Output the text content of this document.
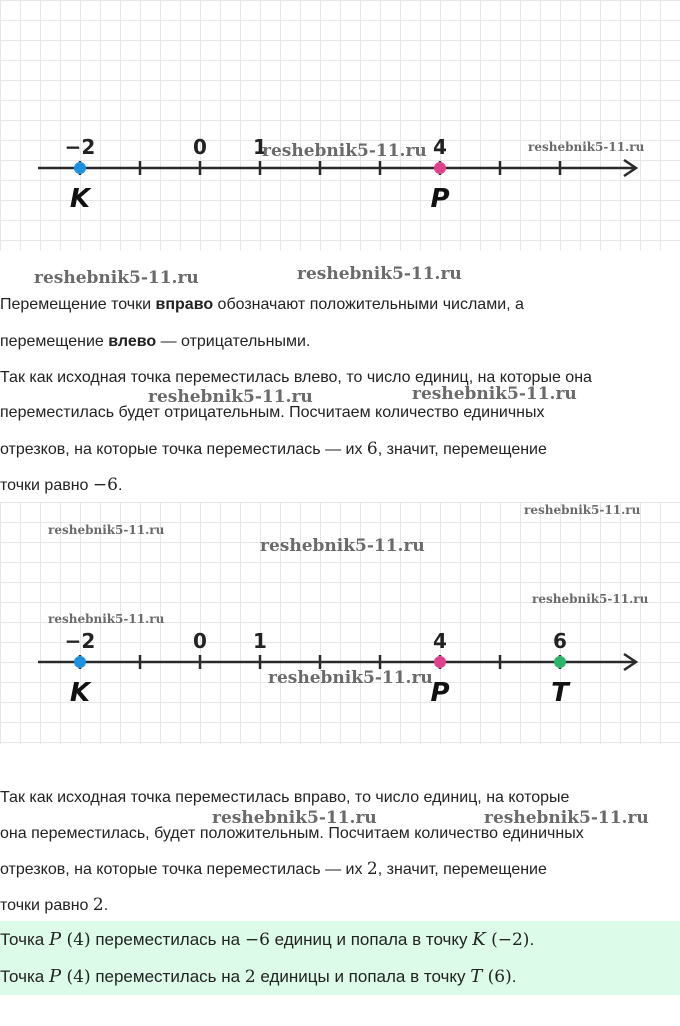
−2	0 1	4
K	P
reshebnik5-11.ru	reshebnik5-11.ru
reshebnik5-11.ru	reshebnik5-11.ru
Перемещение точки вправо обозначают положительными числами, а
перемещение влево — отрицательными.
Так как исходная точка переместилась влево, то число единиц, на которые она
переместилась будет отрицательным. Посчитаем количество единичных
отрезков, на которые точка переместилась — их 6, значит, перемещение
точки равно −6.
reshebnik5-11.ru	reshebnik5-11.ru
−2	0 1	4	6
K	P	T
reshebnik5-11.ru
reshebnik5-11.ru
reshebnik5-11.ru
reshebnik5-11.ru
reshebnik5-11.ru
reshebnik5-11.ru
Так как исходная точка переместилась вправо, то число единиц, на которые
она переместилась, будет положительным. Посчитаем количество единичных
отрезков, на которые точка переместилась — их 2, значит, перемещение
точки равно 2.
reshebnik5-11.ru	reshebnik5-11.ru
Точка P (4) переместилась на −6 единиц и попала в точку K (−2).
Точка P (4) переместилась на 2 единицы и попала в точку T (6).
